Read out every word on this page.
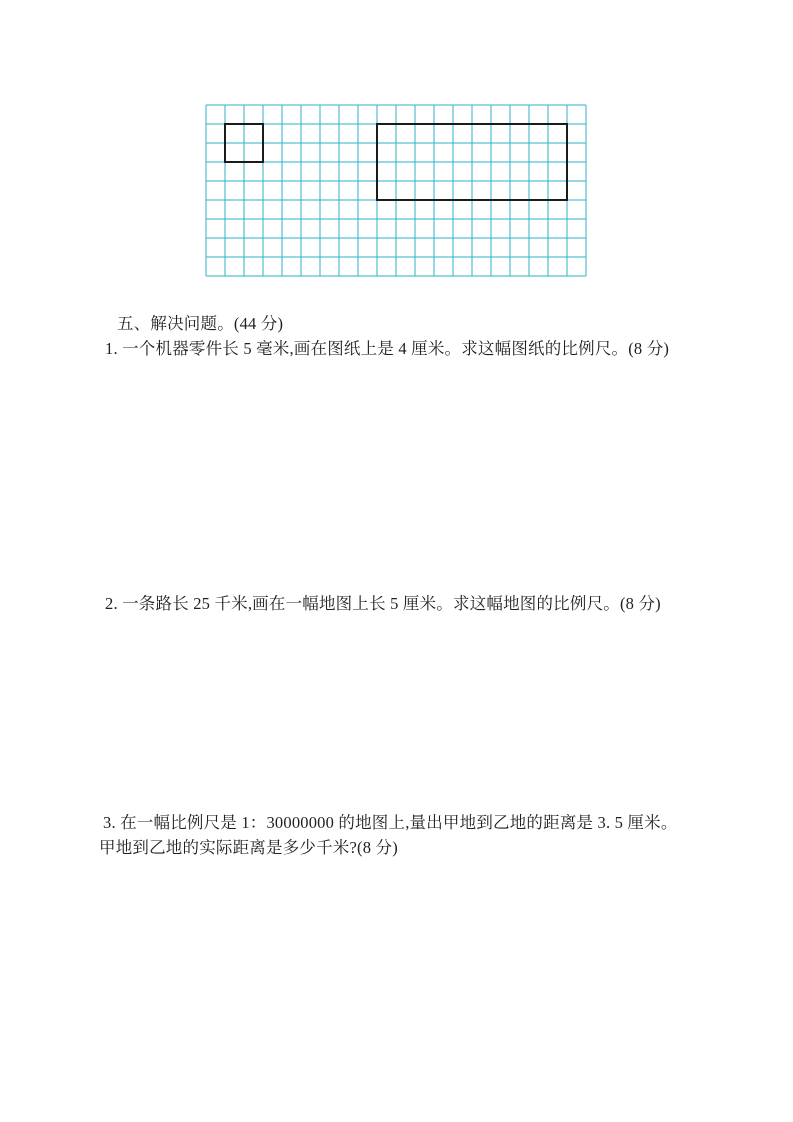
五、解决问题。(44 分)
1. 一个机器零件长 5 毫米,画在图纸上是 4 厘米。求这幅图纸的比例尺。(8 分)
2. 一条路长 25 千米,画在一幅地图上长 5 厘米。求这幅地图的比例尺。(8 分)
3. 在一幅比例尺是 1：30000000 的地图上,量出甲地到乙地的距离是 3. 5 厘米。
甲地到乙地的实际距离是多少千米?(8 分)
